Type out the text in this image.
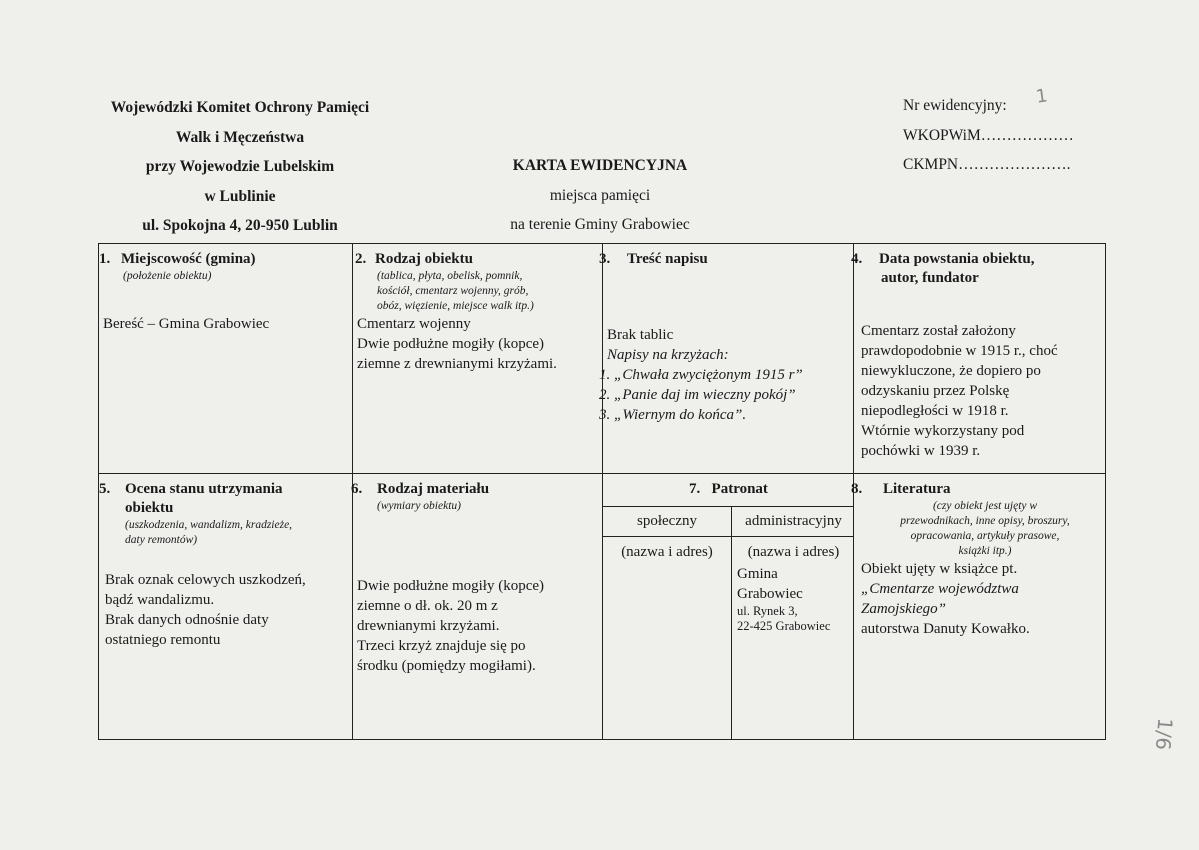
Wojewódzki Komitet Ochrony Pamięci
Walk i Męczeństwa
przy Wojewodzie Lubelskim
w Lublinie
ul. Spokojna 4, 20-950 Lublin
KARTA EWIDENCYJNA
miejsca pamięci
na terenie Gminy Grabowiec
Nr ewidencyjny:
WKOPWiM………………
CKMPN………………….
1
1/6
1. Miejscowość (gmina)
(położenie obiektu)
Bereść – Gmina Grabowiec
2. Rodzaj obiektu
(tablica, płyta, obelisk, pomnik,
kościół, cmentarz wojenny, grób,
obóz, więzienie, miejsce walk itp.)
Cmentarz wojenny
Dwie podłużne mogiły (kopce)
ziemne z drewnianymi krzyżami.
3. Treść napisu
Brak tablic
Napisy na krzyżach:
1. „Chwała zwyciężonym 1915 r”
2. „Panie daj im wieczny pokój”
3. „Wiernym do końca”.
4. Data powstania obiektu,
autor, fundator
Cmentarz został założony
prawdopodobnie w 1915 r., choć
niewykluczone, że dopiero po
odzyskaniu przez Polskę
niepodległości w 1918 r.
Wtórnie wykorzystany pod
pochówki w 1939 r.
5. Ocena stanu utrzymania
obiektu
(uszkodzenia, wandalizm, kradzieże,
daty remontów)
Brak oznak celowych uszkodzeń,
bądź wandalizmu.
Brak danych odnośnie daty
ostatniego remontu
6. Rodzaj materiału
(wymiary obiektu)
Dwie podłużne mogiły (kopce)
ziemne o dł. ok. 20 m z
drewnianymi krzyżami.
Trzeci krzyż znajduje się po
środku (pomiędzy mogiłami).
7. Patronat
społeczny	administracyjny
(nazwa i adres)	(nazwa i adres)
Gmina
Grabowiec
ul. Rynek 3,
22-425 Grabowiec
8. Literatura
(czy obiekt jest ujęty w
przewodnikach, inne opisy, broszury,
opracowania, artykuły prasowe,
książki itp.)
Obiekt ujęty w książce pt.
„Cmentarze województwa
Zamojskiego”
autorstwa Danuty Kowałko.
